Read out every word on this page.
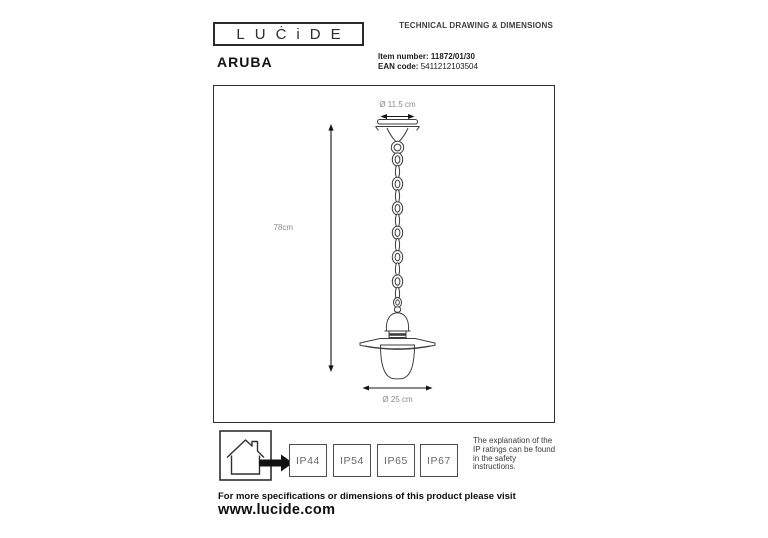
LUĊiDE	TECHNICAL DRAWING & DIMENSIONS
ARUBA	Item number: 11872/01/30
EAN code: 5411212103504
78cm
Ø 11.5 cm
Ø 25 cm
IP44 IP54 IP65 IP67
The explanation of the
IP ratings can be found
in the safety
instructions.
For more specifications or dimensions of this product please visit
www.lucide.com
